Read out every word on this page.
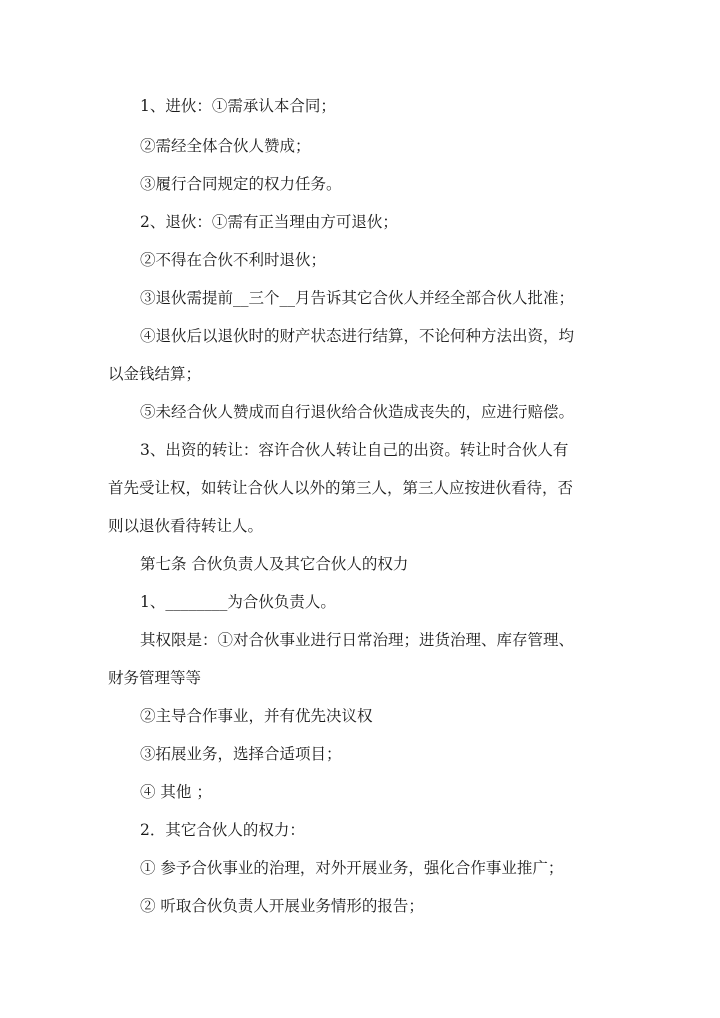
1、进伙：①需承认本合同；
②需经全体合伙人赞成；
③履行合同规定的权力任务。
2、退伙：①需有正当理由方可退伙；
②不得在合伙不利时退伙；
③退伙需提前__三个__月告诉其它合伙人并经全部合伙人批准；
④退伙后以退伙时的财产状态进行结算，不论何种方法出资，均
以金钱结算；
⑤未经合伙人赞成而自行退伙给合伙造成丧失的，应进行赔偿。
3、出资的转让：容许合伙人转让自己的出资。转让时合伙人有
首先受让权，如转让合伙人以外的第三人，第三人应按进伙看待，否
则以退伙看待转让人。
第七条 合伙负责人及其它合伙人的权力
1、________为合伙负责人。
其权限是：①对合伙事业进行日常治理；进货治理、库存管理、
财务管理等等
②主导合作事业，并有优先决议权
③拓展业务，选择合适项目；
④ 其他 ；
2．其它合伙人的权力：
① 参予合伙事业的治理，对外开展业务，强化合作事业推广；
② 听取合伙负责人开展业务情形的报告；
